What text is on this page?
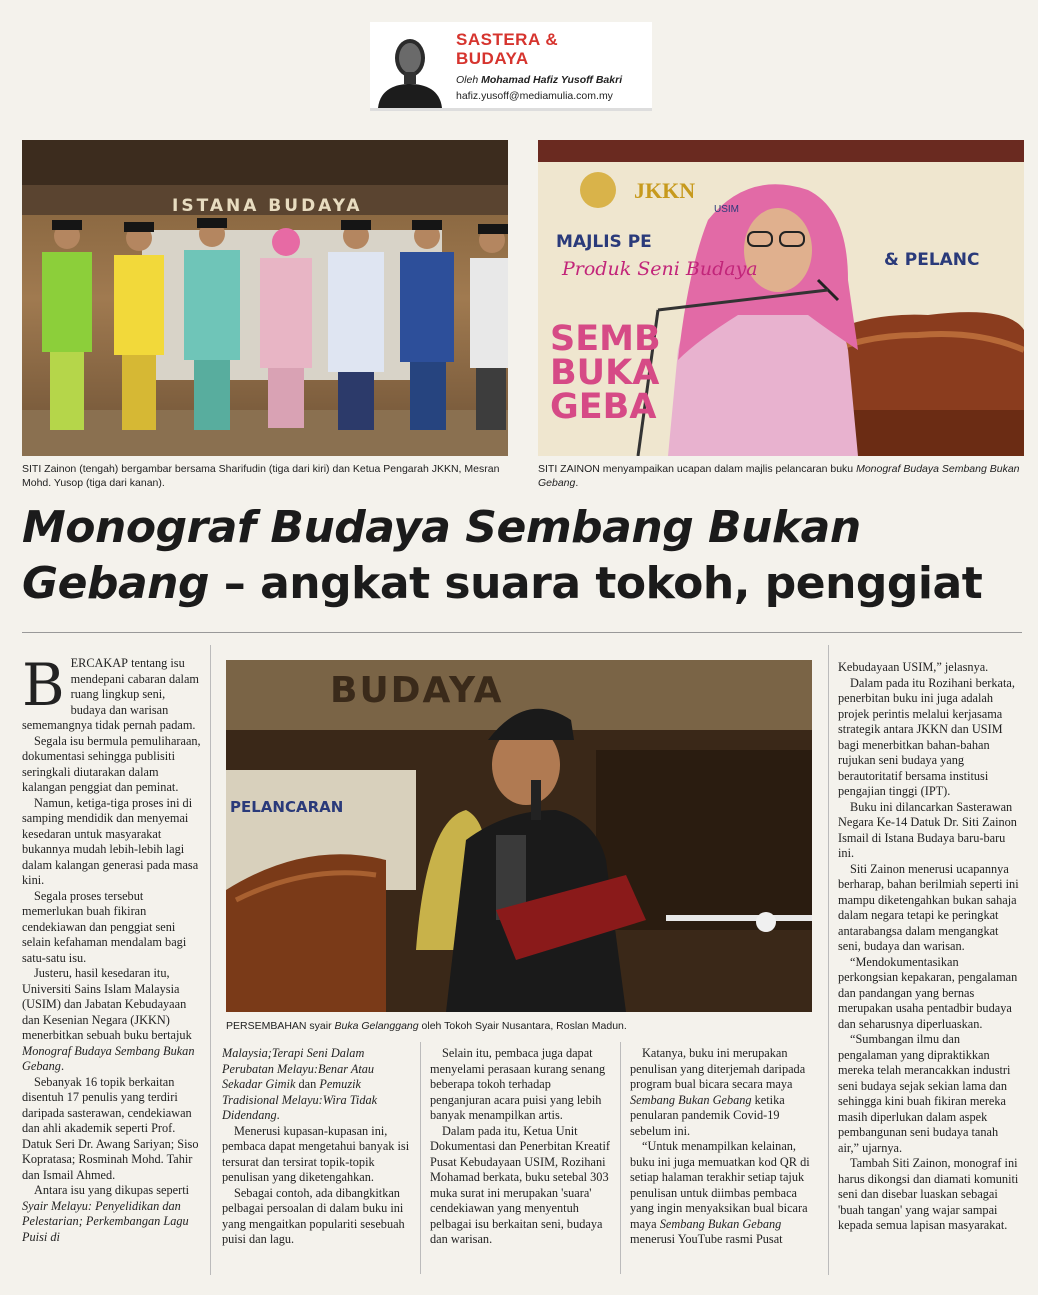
SASTERA &
BUDAYA
Oleh Mohamad Hafiz Yusoff Bakri
hafiz.yusoff@mediamulia.com.my
ISTANA BUDAYA
SITI Zainon (tengah) bergambar bersama Sharifudin (tiga dari kiri) dan Ketua Pengarah JKKN, Mesran Mohd. Yusop (tiga dari kanan).
JKKN
USIM
MAJLIS PE
& PELANC
Produk Seni Budaya
SEMB
BUKA
GEBA
SITI ZAINON menyampaikan ucapan dalam majlis pelancaran buku Monograf Budaya Sembang Bukan Gebang.
Monograf Budaya Sembang Bukan Gebang – angkat suara tokoh, penggiat
BUDAYA
PELANCARAN
PERSEMBAHAN syair Buka Gelanggang oleh Tokoh Syair Nusantara, Roslan Madun.

BERCAKAP tentang isu mendepani cabaran dalam ruang lingkup seni, budaya dan warisan sememangnya tidak pernah padam.

Segala isu bermula pemuliharaan, dokumentasi sehingga publisiti seringkali diutarakan dalam kalangan penggiat dan peminat.

Namun, ketiga-tiga proses ini di samping mendidik dan menyemai kesedaran untuk masyarakat bukannya mudah lebih-lebih lagi dalam kalangan generasi pada masa kini.

Segala proses tersebut memerlukan buah fikiran cendekiawan dan penggiat seni selain kefahaman mendalam bagi satu-satu isu.

Justeru, hasil kesedaran itu, Universiti Sains Islam Malaysia (USIM) dan Jabatan Kebudayaan dan Kesenian Negara (JKKN) menerbitkan sebuah buku bertajuk Monograf Budaya Sembang Bukan Gebang.

Sebanyak 16 topik berkaitan disentuh 17 penulis yang terdiri daripada sasterawan, cendekiawan dan ahli akademik seperti Prof. Datuk Seri Dr. Awang Sariyan; Siso Kopratasa; Rosminah Mohd. Tahir dan Ismail Ahmed.

Antara isu yang dikupas seperti Syair Melayu: Penyelidikan dan Pelestarian; Perkembangan Lagu Puisi di

Malaysia;Terapi Seni Dalam Perubatan Melayu:Benar Atau Sekadar Gimik dan Pemuzik Tradisional Melayu:Wira Tidak Didendang.

Menerusi kupasan-kupasan ini, pembaca dapat mengetahui banyak isi tersurat dan tersirat topik-topik penulisan yang diketengahkan.

Sebagai contoh, ada dibangkitkan pelbagai persoalan di dalam buku ini yang mengaitkan populariti sesebuah puisi dan lagu.

Selain itu, pembaca juga dapat menyelami perasaan kurang senang beberapa tokoh terhadap penganjuran acara puisi yang lebih banyak menampilkan artis.

Dalam pada itu, Ketua Unit Dokumentasi dan Penerbitan Kreatif Pusat Kebudayaan USIM, Rozihani Mohamad berkata, buku setebal 303 muka surat ini merupakan 'suara' cendekiawan yang menyentuh pelbagai isu berkaitan seni, budaya dan warisan.

Katanya, buku ini merupakan penulisan yang diterjemah daripada program bual bicara secara maya Sembang Bukan Gebang ketika penularan pandemik Covid-19 sebelum ini.

“Untuk menampilkan kelainan, buku ini juga memuatkan kod QR di setiap halaman terakhir setiap tajuk penulisan untuk diimbas pembaca yang ingin menyaksikan bual bicara maya Sembang Bukan Gebang menerusi YouTube rasmi Pusat

Kebudayaan USIM,” jelasnya.

Dalam pada itu Rozihani berkata, penerbitan buku ini juga adalah projek perintis melalui kerjasama strategik antara JKKN dan USIM bagi menerbitkan bahan-bahan rujukan seni budaya yang berautoritatif bersama institusi pengajian tinggi (IPT).

Buku ini dilancarkan Sasterawan Negara Ke-14 Datuk Dr. Siti Zainon Ismail di Istana Budaya baru-baru ini.

Siti Zainon menerusi ucapannya berharap, bahan berilmiah seperti ini mampu diketengahkan bukan sahaja dalam negara tetapi ke peringkat antarabangsa dalam mengangkat seni, budaya dan warisan.

“Mendokumentasikan perkongsian kepakaran, pengalaman dan pandangan yang bernas merupakan usaha pentadbir budaya dan seharusnya diperluaskan.

“Sumbangan ilmu dan pengalaman yang dipraktikkan mereka telah merancakkan industri seni budaya sejak sekian lama dan sehingga kini buah fikiran mereka masih diperlukan dalam aspek pembangunan seni budaya tanah air,” ujarnya.

Tambah Siti Zainon, monograf ini harus dikongsi dan diamati komuniti seni dan disebar luaskan sebagai 'buah tangan' yang wajar sampai kepada semua lapisan masyarakat.
